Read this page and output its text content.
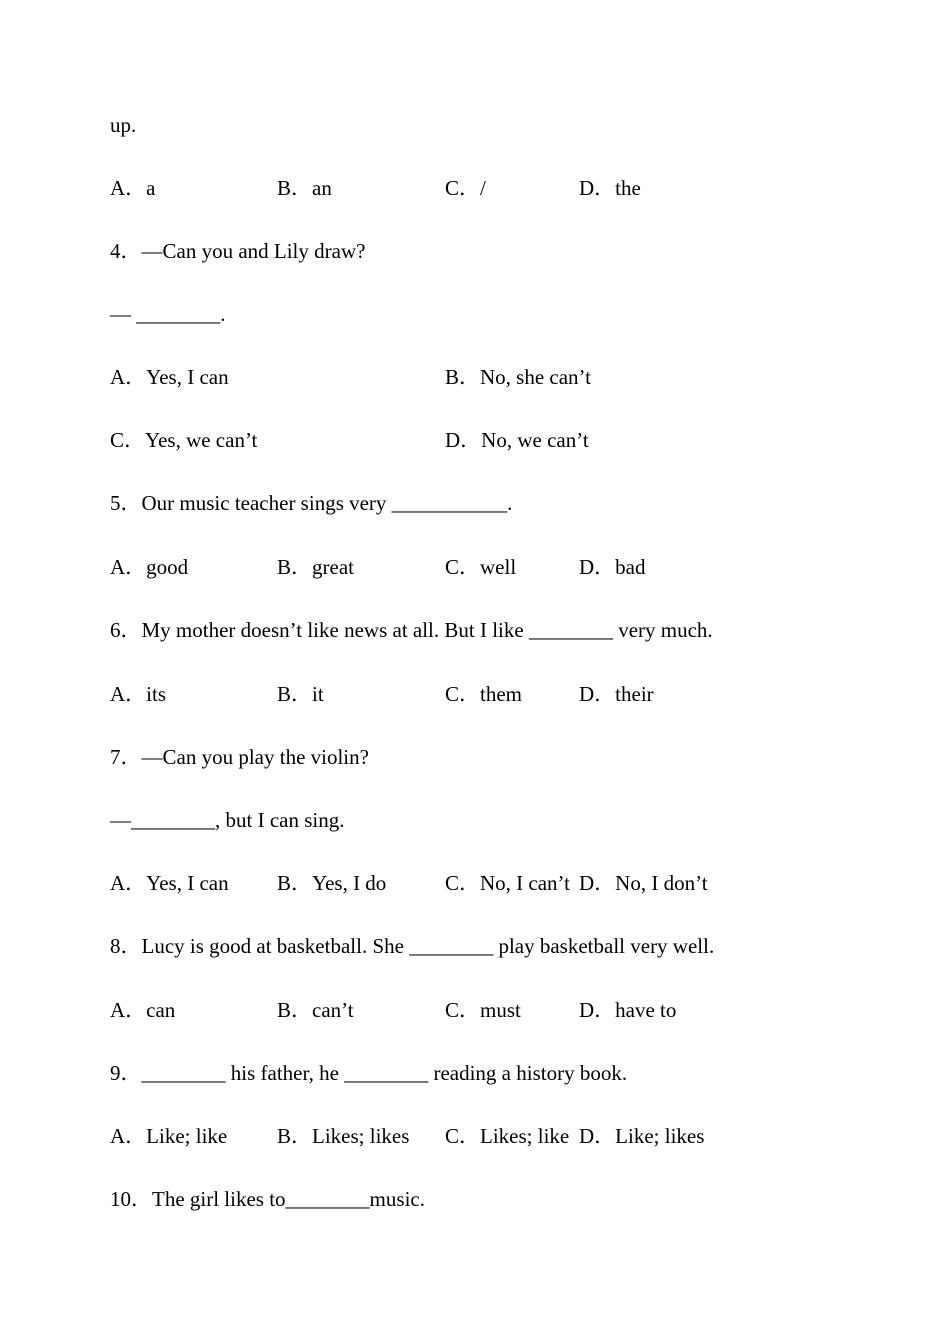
up.
A．a	B．an	C．/	D．the
4．—Can you and Lily draw?
— ________.
A．Yes, I can	B．No, she can’t
C．Yes, we can’t	D．No, we can’t
5．Our music teacher sings very ___________.
A．good	B．great	C．well	D．bad
6．My mother doesn’t like news at all. But I like ________ very much.
A．its	B．it	C．them	D．their
7．—Can you play the violin?
—________, but I can sing.
A．Yes, I can B．Yes, I do	C．No, I can’t D．No, I don’t
8．Lucy is good at basketball. She ________ play basketball very well.
A．can	B．can’t	C．must	D．have to
9．________ his father, he ________ reading a history book.
A．Like; like B．Likes; likes C．Likes; like D．Like; likes
10．The girl likes to________music.
